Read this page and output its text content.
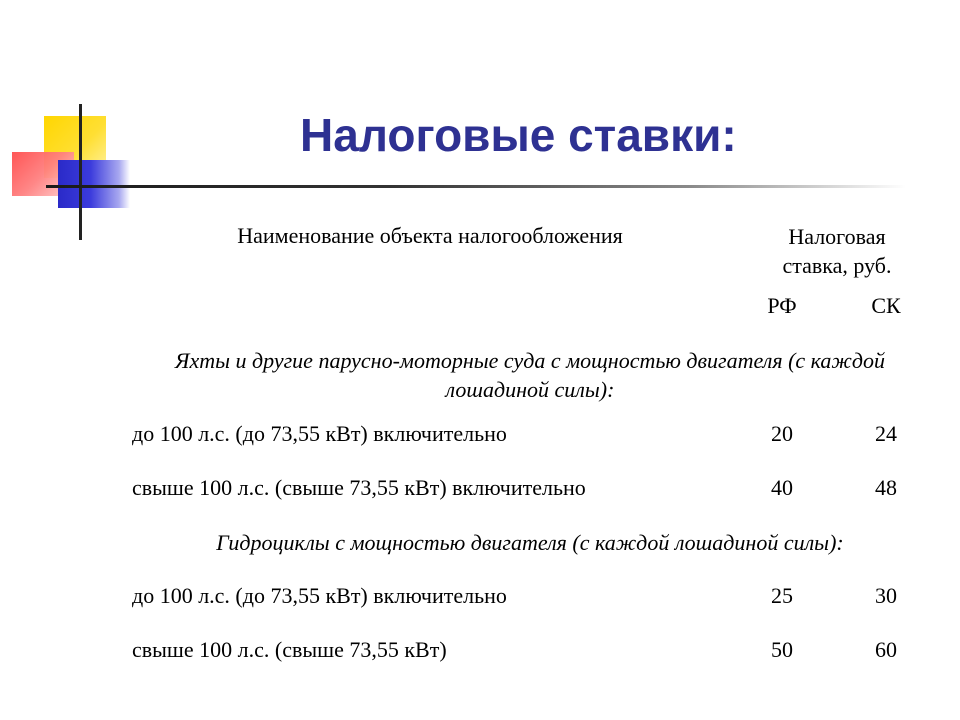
Налоговые ставки:
Наименование объекта налогообложения	Налоговая
ставка, руб.
РФ	СК
Яхты и другие парусно-моторные суда с мощностью двигателя (с каждой лошадиной силы):
до 100 л.с. (до 73,55 кВт) включительно	20	24
свыше 100 л.с. (свыше 73,55 кВт) включительно	40	48
Гидроциклы с мощностью двигателя (с каждой лошадиной силы):
до 100 л.с. (до 73,55 кВт) включительно	25	30
свыше 100 л.с. (свыше 73,55 кВт)	50	60
